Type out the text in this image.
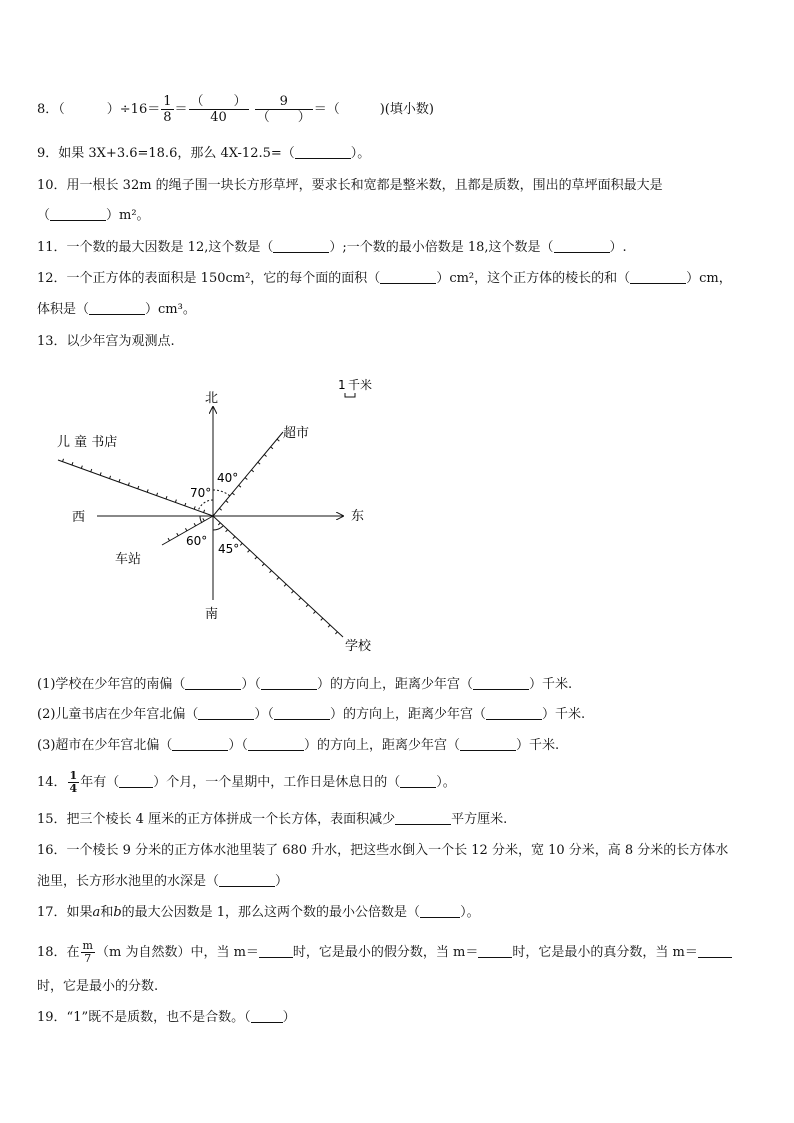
8．（	）$\div 16= \frac{1}{8} = \frac{( )}{40}$
$\frac{9}{( )}$ ＝（	)(填小数)
9．如果 3X+3.6=18.6，那么 4X-12.5=（	）。
10．用一根长 32m 的绳子围一块长方形草坪，要求长和宽都是整米数，且都是质数，围出的草坪面积最大是
（	）m²。
11．一个数的最大因数是 12,这个数是（	）;一个数的最小倍数是 18,这个数是（	）.
12．一个正方体的表面积是 150cm²，它的每个面的面积（	）cm²，这个正方体的棱长的和（	）cm，
体积是（	）cm³。
13．以少年宫为观测点.
1 千米
北
南
东
西
超市
儿 童 书店
车站
学校
40°
70°
60°
45°
(1)学校在少年宫的南偏（	）（	）的方向上，距离少年宫（	）千米.
(2)儿童书店在少年宫北偏（	）（	）的方向上，距离少年宫（	）千米.
(3)超市在少年宫北偏（	）（	）的方向上，距离少年宫（	）千米.
14． $\frac{1}{4}$ 年有（	）个月，一个星期中，工作日是休息日的（	）。
15．把三个棱长 4 厘米的正方体拼成一个长方体，表面积减少	平方厘米.
16．一个棱长 9 分米的正方体水池里装了 680 升水，把这些水倒入一个长 12 分米，宽 10 分米，高 8 分米的长方体水
池里，长方形水池里的水深是（	）
17．如果a和b的最大公因数是 1，那么这两个数的最小公倍数是（	）。
18．在 $\frac{m}{7} (m$ 为自然数）中，当 m＝	时，它是最小的假分数，当 m＝	时，它是最小的真分数，当 m＝
时，它是最小的分数.
19．“1”既不是质数，也不是合数。（ ）
